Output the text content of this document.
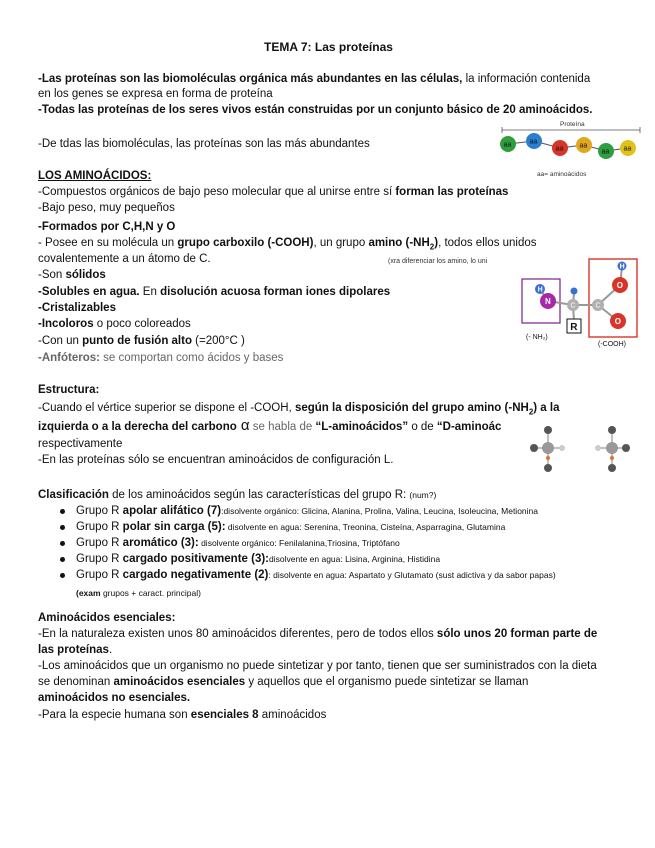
TEMA 7: Las proteínas
-Las proteínas son las biomoléculas orgánica más abundantes en las células, la información contenida
en los genes se expresa en forma de proteína
-Todas las proteínas de los seres vivos están construidas por un conjunto básico de 20 aminoácidos.
-De tdas las biomoléculas, las proteínas son las más abundantes
Proteína
aa	aa
aa aa
aa aa
aa= aminoácidos
LOS AMINOÁCIDOS:
-Compuestos orgánicos de bajo peso molecular que al unirse entre sí forman las proteínas
-Bajo peso, muy pequeños
-Formados por C,H,N y O
- Posee en su molécula un grupo carboxilo (-COOH), un grupo amino $(-NH_2)$, todos ellos unidos
covalentemente a un átomo de C.	(xra diferenciar los amino, lo uni
-Son sólidos
-Solubles en agua. En disolución acuosa forman iones dipolares
-Cristalizables
-Incoloros o poco coloreados
-Con un punto de fusión alto (=200°C )
-Anfóteros: se comportan como ácidos y bases
H
N
C
R
C
O
H
O
(- NH₂)
(-COOH)
Estructura:
-Cuando el vértice superior se dispone el -COOH, según la disposición del grupo amino $(-NH_2)$ a la
izquierda o a la derecha del carbono α se habla de “L-aminoácidos” o de “D-aminoác
respectivamente
-En las proteínas sólo se encuentran aminoácidos de configuración L.
Clasificación de los aminoácidos según las características del grupo R: (num?)
Grupo R apolar alifático (7):disolvente orgánico: Glicina, Alanina, Prolina, Valina, Leucina, Isoleucina, Metionina
Grupo R polar sin carga (5): disolvente en agua: Serenina, Treonina, Cisteína, Asparragina, Glutamina
Grupo R aromático (3): disolvente orgánico: Fenilalanina,Triosina, Triptófano
Grupo R cargado positivamente (3):disolvente en agua: Lisina, Arginina, Histidina
Grupo R cargado negativamente (2): disolvente en agua: Aspartato y Glutamato (sust adictiva y da sabor papas)
(exam grupos + caract. principal)
Aminoácidos esenciales:
-En la naturaleza existen unos 80 aminoácidos diferentes, pero de todos ellos sólo unos 20 forman parte de
las proteínas.
-Los aminoácidos que un organismo no puede sintetizar y por tanto, tienen que ser suministrados con la dieta
se denominan aminoácidos esenciales y aquellos que el organismo puede sintetizar se llaman
aminoácidos no esenciales.
-Para la especie humana son esenciales 8 aminoácidos
